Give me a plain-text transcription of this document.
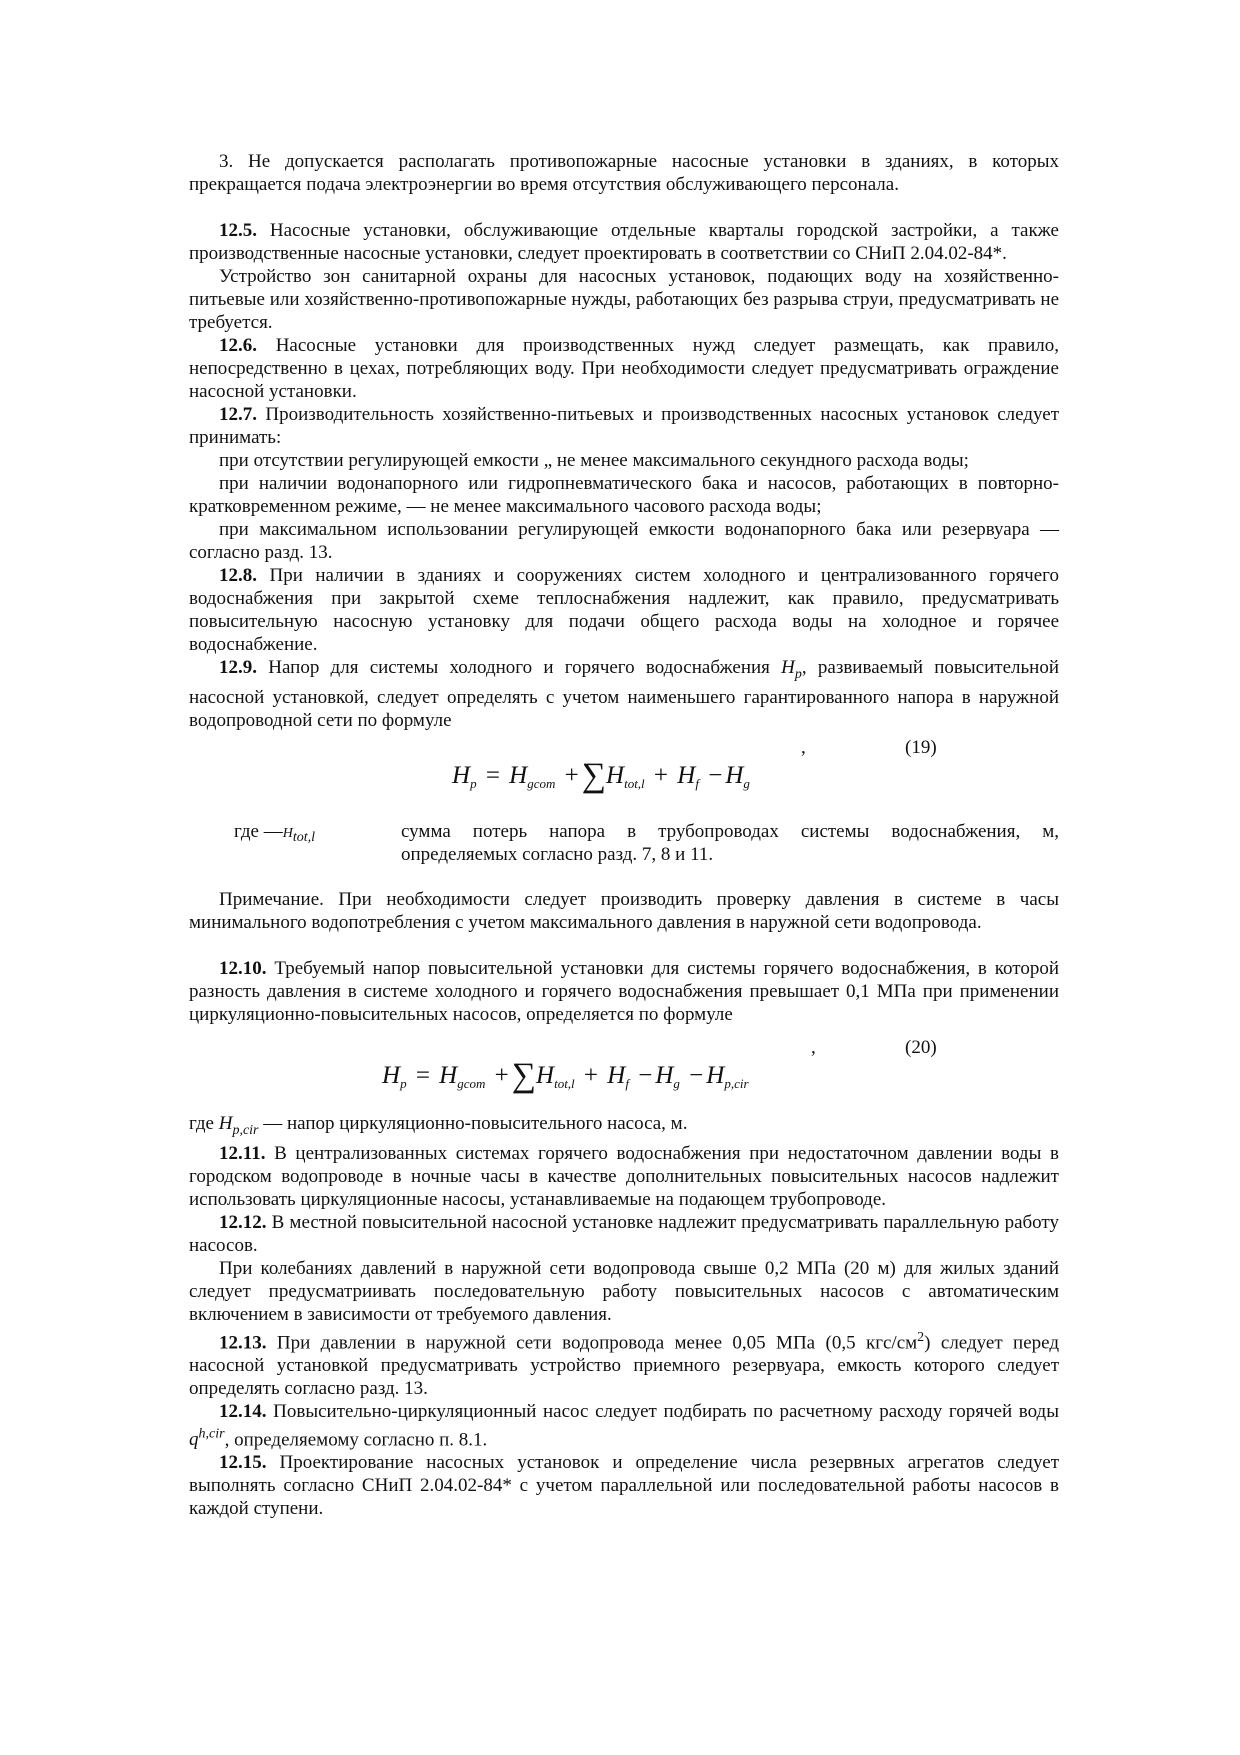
3. Не допускается располагать противопожарные насосные установки в зданиях, в которых прекращается подача электроэнергии во время отсутствия обслуживающего персонала.

12.5. Насосные установки, обслуживающие отдельные кварталы городской застройки, а также производственные насосные установки, следует проектировать в соответствии со СНиП 2.04.02-84*.

Устройство зон санитарной охраны для насосных установок, подающих воду на хозяйственно-питьевые или хозяйственно-противопожарные нужды, работающих без разрыва струи, предусматривать не требуется.

12.6. Насосные установки для производственных нужд следует размещать, как правило, непосредственно в цехах, потребляющих воду. При необходимости следует предусматривать ограждение насосной установки.

12.7. Производительность хозяйственно-питьевых и производственных насосных установок следует принимать:

при отсутствии регулирующей емкости „ не менее максимального секундного расхода воды;

при наличии водонапорного или гидропневматического бака и насосов, работающих в повторно-кратковременном режиме, — не менее максимального часового расхода воды;

при максимальном использовании регулирующей емкости водонапорного бака или резервуара — согласно разд. 13.

12.8. При наличии в зданиях и сооружениях систем холодного и централизованного горячего водоснабжения при закрытой схеме теплоснабжения надлежит, как правило, предусматривать повысительную насосную установку для подачи общего расхода воды на холодное и горячее водоснабжение.

12.9. Напор для системы холодного и горячего водоснабжения $H_p$, развиваемый повысительной насосной установкой, следует определять с учетом наименьшего гарантированного напора в наружной водопроводной сети по формуле

$H_p = H_{gcom} +\sum H_{tot,l} + H_f - H_g$
,	(19)
где $—H_{tot,l}$	сумма потерь напора в трубопроводах системы водоснабжения, м, определяемых согласно разд. 7, 8 и 11.

Примечание. При необходимости следует производить проверку давления в системе в часы минимального водопотребления с учетом максимального давления в наружной сети водопровода.

12.10. Требуемый напор повысительной установки для системы горячего водоснабжения, в которой разность давления в системе холодного и горячего водоснабжения превышает 0,1 МПа при применении циркуляционно-повысительных насосов, определяется по формуле

$H_p = H_{gcom} +\sum H_{tot,l} + H_f - H_g - H_{p,cir}$
,	(20)

где $H_{p,cir}$ — напор циркуляционно-повысительного насоса, м.

12.11. В централизованных системах горячего водоснабжения при недостаточном давлении воды в городском водопроводе в ночные часы в качестве дополнительных повысительных насосов надлежит использовать циркуляционные насосы, устанавливаемые на подающем трубопроводе.

12.12. В местной повысительной насосной установке надлежит предусматривать параллельную работу насосов.

При колебаниях давлений в наружной сети водопровода свыше 0,2 МПа (20 м) для жилых зданий следует предусматриивать последовательную работу повысительных насосов с автоматическим включением в зависимости от требуемого давления.

12.13. При давлении в наружной сети водопровода менее 0,05 МПа (0,5 кгс/$см^2$) следует перед насосной установкой предусматривать устройство приемного резервуара, емкость которого следует определять согласно разд. 13.

12.14. Повысительно-циркуляционный насос следует подбирать по расчетному расходу горячей воды $q^{h,cir}$, определяемому согласно п. 8.1.

12.15. Проектирование насосных установок и определение числа резервных агрегатов следует выполнять согласно СНиП 2.04.02-84* с учетом параллельной или последовательной работы насосов в каждой ступени.
